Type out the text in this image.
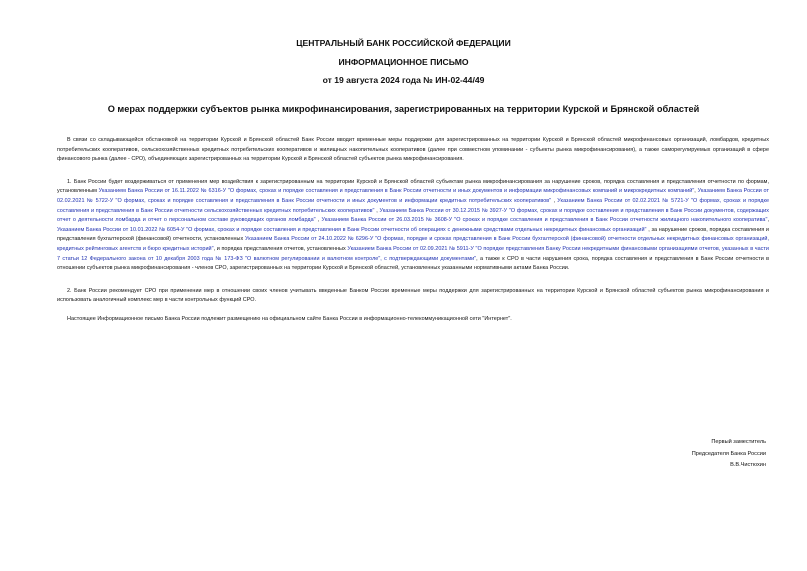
ЦЕНТРАЛЬНЫЙ БАНК РОССИЙСКОЙ ФЕДЕРАЦИИ
ИНФОРМАЦИОННОЕ ПИСЬМО
от 19 августа 2024 года № ИН-02-44/49
О мерах поддержки субъектов рынка микрофинансирования, зарегистрированных на территории Курской и Брянской областей

В связи со складывающейся обстановкой на территории Курской и Брянской областей Банк России вводит временные меры поддержки для зарегистрированных на территории Курской и Брянской областей микрофинансовых организаций, ломбардов, кредитных потребительских кооперативов, сельскохозяйственных кредитных потребительских кооперативов и жилищных накопительных кооперативов (далее при совместном упоминании - субъекты рынка микрофинансирования), а также саморегулируемых организаций в сфере финансового рынка (далее - СРО), объединяющих зарегистрированных на территории Курской и Брянской областей субъектов рынка микрофинансирования.

1. Банк России будет воздерживаться от применения мер воздействия к зарегистрированным на территории Курской и Брянской областей субъектам рынка микрофинансирования за нарушение сроков, порядка составления и представления отчетности по формам, установленным Указанием Банка России от 16.11.2022 № 6316-У "О формах, сроках и порядке составления и представления в Банк России отчетности и иных документов и информации микрофинансовых компаний и микрокредитных компаний", Указанием Банка России от 02.02.2021 № 5722-У "О формах, сроках и порядке составления и представления в Банк России отчетности и иных документов и информации кредитных потребительских кооперативов" , Указанием Банка России от 02.02.2021 № 5721-У "О формах, сроках и порядке составления и представления в Банк России отчетности сельскохозяйственных кредитных потребительских кооперативов" , Указанием Банка России от 30.12.2015 № 3927-У "О формах, сроках и порядке составления и представления в Банк России документов, содержащих отчет о деятельности ломбарда и отчет о персональном составе руководящих органов ломбарда" , Указанием Банка России от 26.03.2015 № 3608-У "О сроках и порядке составления и представления в Банк России отчетности жилищного накопительного кооператива", Указанием Банка России от 10.01.2022 № 6054-У "О формах, сроках и порядке составления и представления в Банк России отчетности об операциях с денежными средствами отдельных некредитных финансовых организаций" , за нарушение сроков, порядка составления и представления бухгалтерской (финансовой) отчетности, установленных Указанием Банка России от 24.10.2022 № 6296-У "О формах, порядке и сроках представления в Банк России бухгалтерской (финансовой) отчетности отдельных некредитных финансовых организаций, кредитных рейтинговых агентств и бюро кредитных историй", и порядка представления отчетов, установленных Указанием Банка России от 02.09.2021 № 5911-У "О порядке представления Банку России некредитными финансовыми организациями отчетов, указанных в части 7 статьи 12 Федерального закона от 10 декабря 2003 года № 173-ФЗ "О валютном регулировании и валютном контроле", с подтверждающими документами", а также к СРО в части нарушения срока, порядка составления и представления в Банк России отчетности в отношении субъектов рынка микрофинансирования - членов СРО, зарегистрированных на территории Курской и Брянской областей, установленных указанными нормативными актами Банка России.

2. Банк России рекомендует СРО при применении мер в отношении своих членов учитывать введенные Банком России временные меры поддержки для зарегистрированных на территории Курской и Брянской областей субъектов рынка микрофинансирования и использовать аналогичный комплекс мер в части контрольных функций СРО.

Настоящее Информационное письмо Банка России подлежит размещению на официальном сайте Банка России в информационно-телекоммуникационной сети "Интернет".

Первый заместитель
Председателя Банка России
В.В.Чистюхин
